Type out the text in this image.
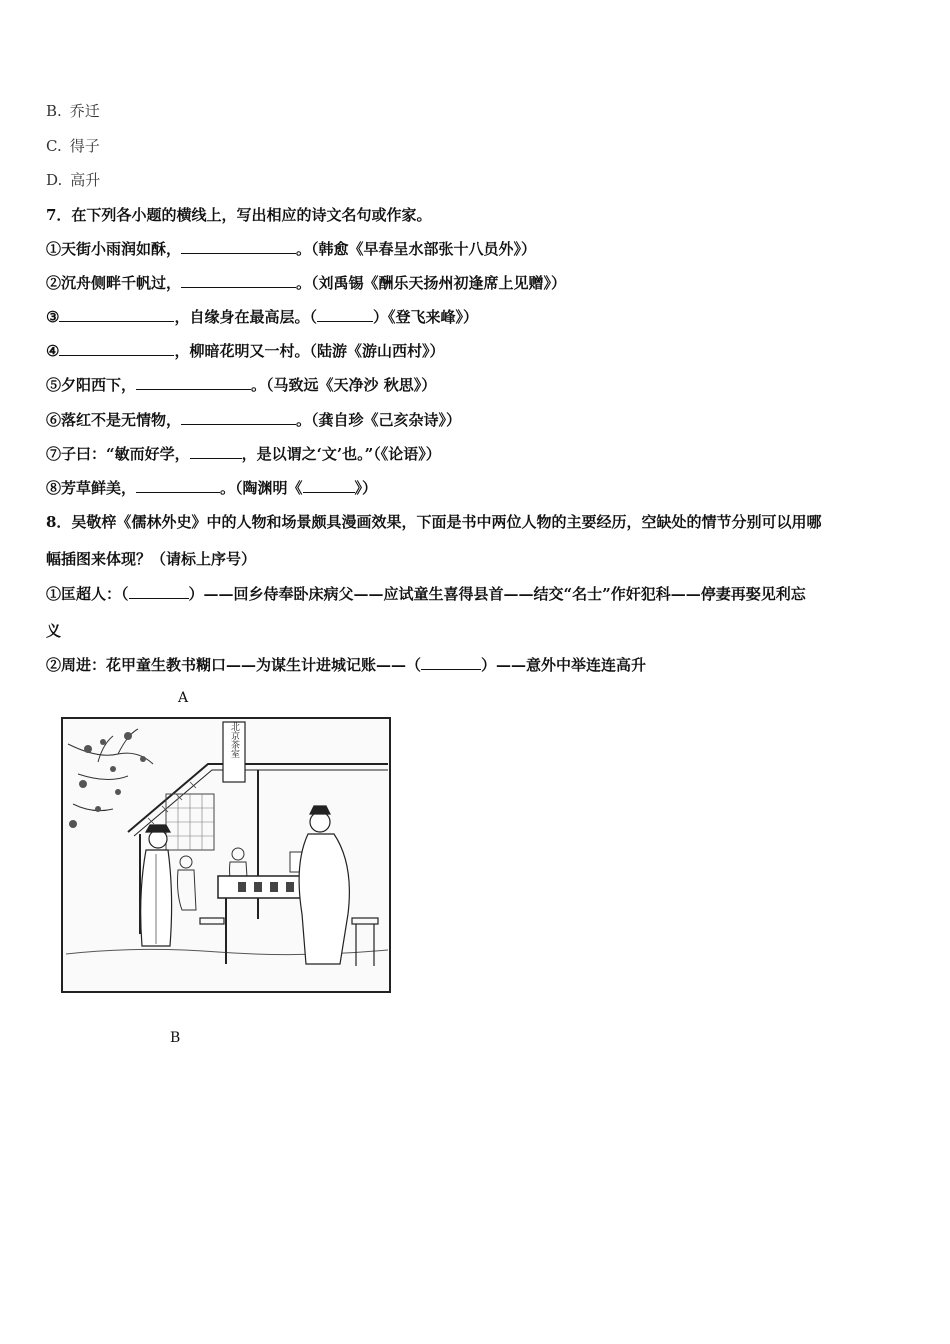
B. 乔迁
C. 得子
D. 高升
7．在下列各小题的横线上，写出相应的诗文名句或作家。
①天街小雨润如酥，	。（韩愈《早春呈水部张十八员外》）
②沉舟侧畔千帆过，	。（刘禹锡《酬乐天扬州初逢席上见赠》）
③	，自缘身在最高层。（	）《登飞来峰》）
④	，柳暗花明又一村。（陆游《游山西村》）
⑤夕阳西下，	。（马致远《天净沙 秋思》）
⑥落红不是无情物，	。（龚自珍《己亥杂诗》）
⑦子曰：“敏而好学，	，是以谓之‘文’也。”（《论语》）
⑧芳草鲜美，	。（陶渊明《	》）
8．吴敬梓《儒林外史》中的人物和场景颇具漫画效果，下面是书中两位人物的主要经历，空缺处的情节分别可以用哪
幅插图来体现？（请标上序号）
①匡超人：（	）——回乡侍奉卧床病父——应试童生喜得县首——结交“名士”作奸犯科——停妻再娶见利忘
义
②周进：花甲童生教书糊口——为谋生计进城记账——（	）——意外中举连连高升
A
B
北京茶室
